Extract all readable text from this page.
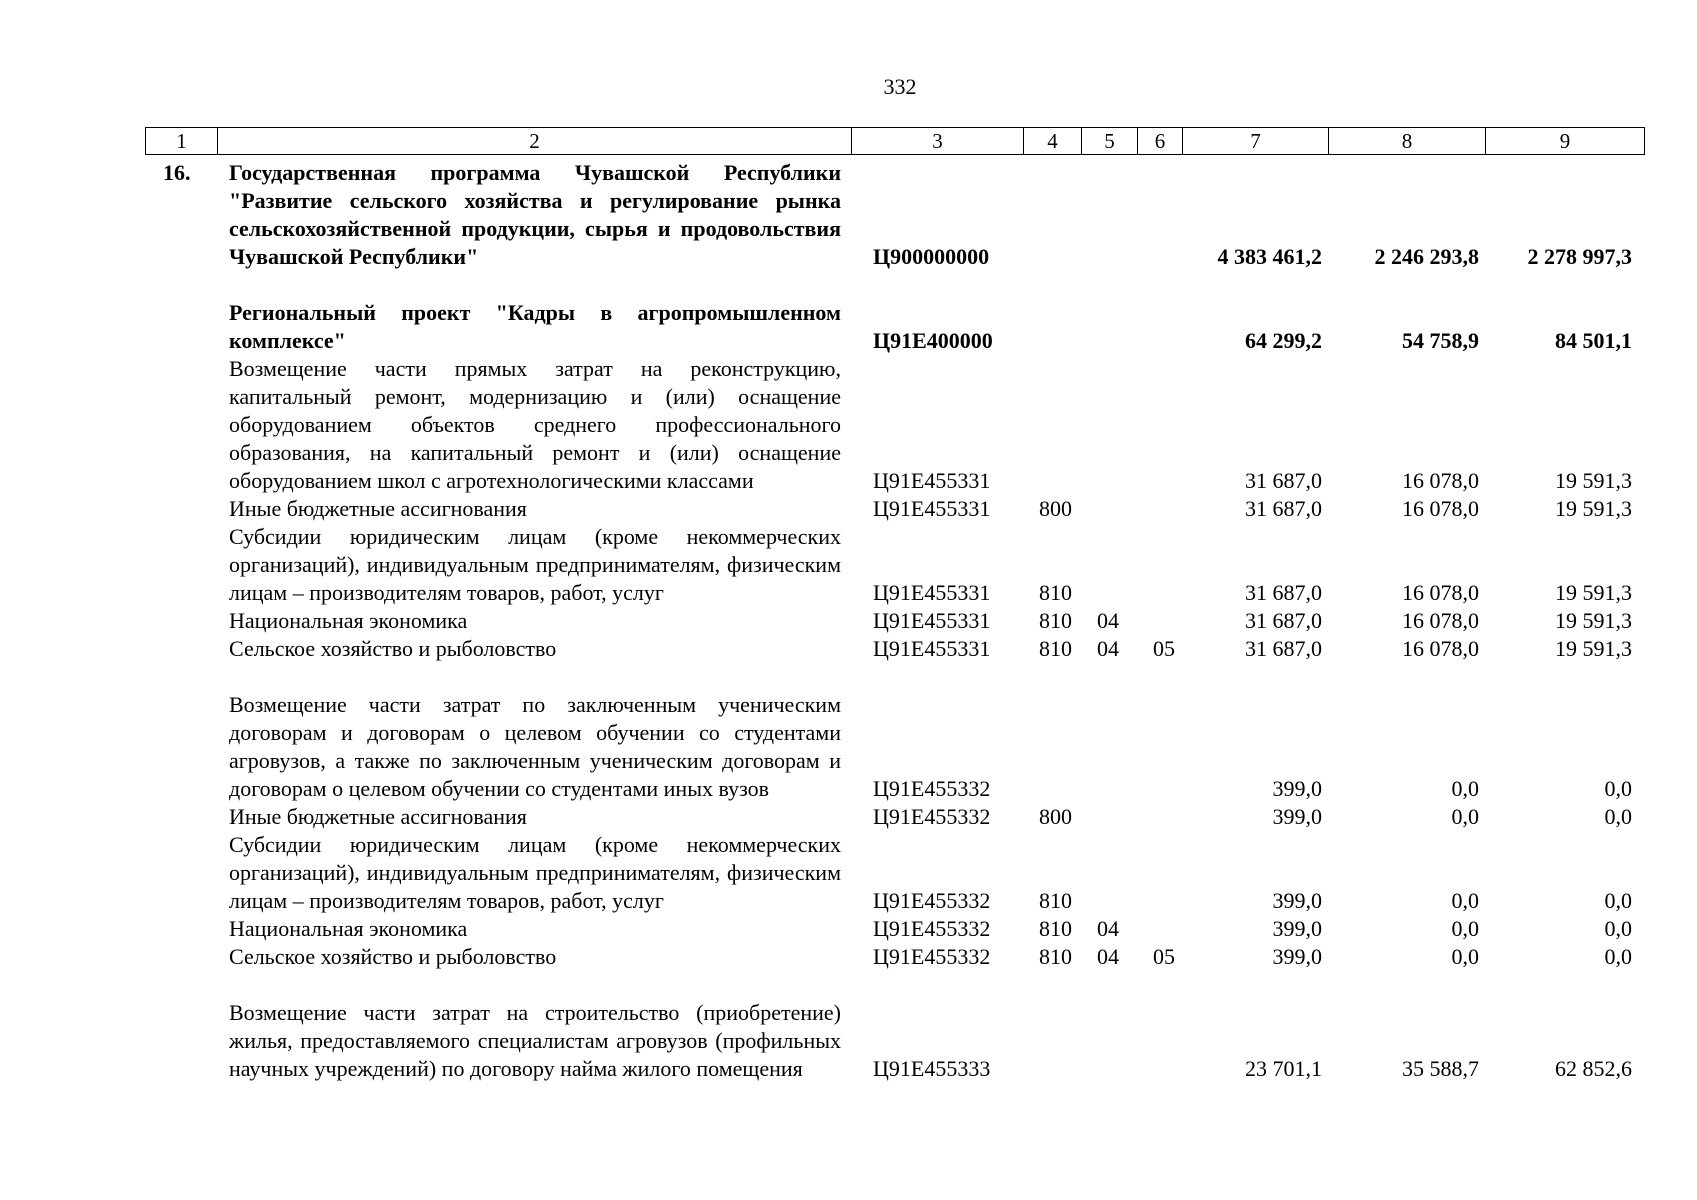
332
1	2	3	4	5	6	7	8	9
16.	Государственная программа Чувашской Республики "Развитие сельского хозяйства и регулирование рынка сельскохозяйственной продукции, сырья и продовольствия Чувашской Республики"	Ц900000000				4 383 461,2	2 246 293,8	2 278 997,3

	Региональный проект "Кадры в агропромышленном комплексе"	Ц91Е400000				64 299,2	54 758,9	84 501,1
	Возмещение части прямых затрат на реконструкцию, капитальный ремонт, модернизацию и (или) оснащение оборудованием объектов среднего профессионального образования, на капитальный ремонт и (или) оснащение оборудованием школ с агротехнологическими классами	Ц91Е455331				31 687,0	16 078,0	19 591,3
	Иные бюджетные ассигнования	Ц91Е455331	800			31 687,0	16 078,0	19 591,3
	Субсидии юридическим лицам (кроме некоммерческих организаций), индивидуальным предпринимателям, физическим лицам – производителям товаров, работ, услуг	Ц91Е455331	810			31 687,0	16 078,0	19 591,3
	Национальная экономика	Ц91Е455331	810	04		31 687,0	16 078,0	19 591,3
	Сельское хозяйство и рыболовство	Ц91Е455331	810	04	05	31 687,0	16 078,0	19 591,3
	Возмещение части затрат по заключенным ученическим договорам и договорам о целевом обучении со студентами агровузов, а также по заключенным ученическим договорам и договорам о целевом обучении со студентами иных вузов	Ц91Е455332				399,0	0,0	0,0
	Иные бюджетные ассигнования	Ц91Е455332	800			399,0	0,0	0,0
	Субсидии юридическим лицам (кроме некоммерческих организаций), индивидуальным предпринимателям, физическим лицам – производителям товаров, работ, услуг	Ц91Е455332	810			399,0	0,0	0,0
	Национальная экономика	Ц91Е455332	810	04		399,0	0,0	0,0
	Сельское хозяйство и рыболовство	Ц91Е455332	810	04	05	399,0	0,0	0,0
	Возмещение части затрат на строительство (приобретение) жилья, предоставляемого специалистам агровузов (профильных научных учреждений) по договору найма жилого помещения	Ц91Е455333				23 701,1	35 588,7	62 852,6
